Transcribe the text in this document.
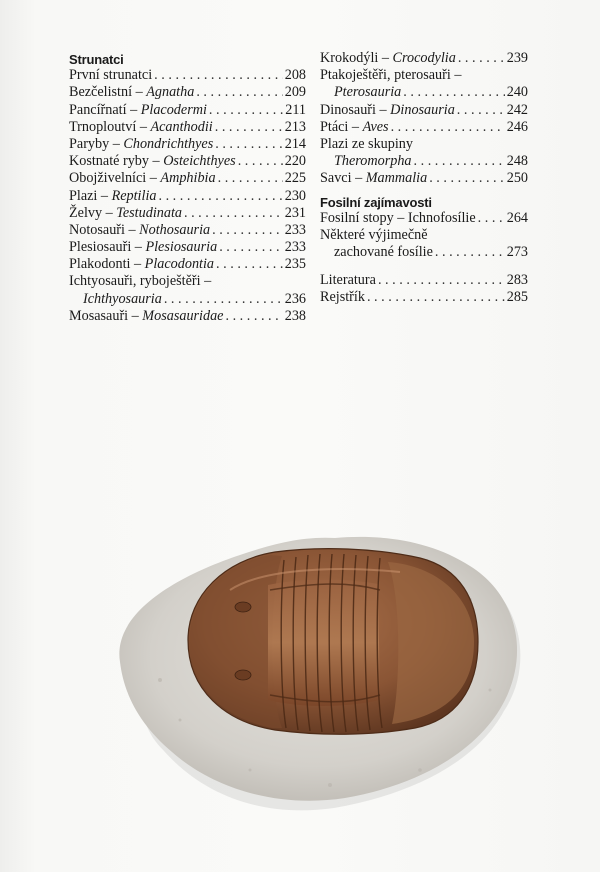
Strunatci
První strunatci . . .	208
Bezčelistní – Agnatha . . .	209
Pancířnatí – Placodermi . . .	211
Trnoploutví – Acanthodii . . .	213
Paryby – Chondrichthyes . . .	214
Kostnaté ryby – Osteichthyes . . .	220
Obojživelníci – Amphibia . . .	225
Plazi – Reptilia . . .	230
Želvy – Testudinata . . .	231
Notosauři – Nothosauria . . .	233
Plesiosauři – Plesiosauria . . .	233
Plakodonti – Placodontia . . .	235
Ichtyosauři, ryboještěři –
Ichthyosauria . . .	236
Mosasauři – Mosasauridae . . .	238
Krokodýli – Crocodylia . . .	239
Ptakoještěři, pterosauři –
Pterosauria . . .	240
Dinosauři – Dinosauria . . .	242
Ptáci – Aves . . .	246
Plazi ze skupiny
Theromorpha . . .	248
Savci – Mammalia . . .	250
Fosilní zajímavosti
Fosilní stopy – Ichnofosílie . . . 264
Některé výjimečně
zachované fosílie . . .	273
Literatura . . .	283
Rejstřík . . .	285
